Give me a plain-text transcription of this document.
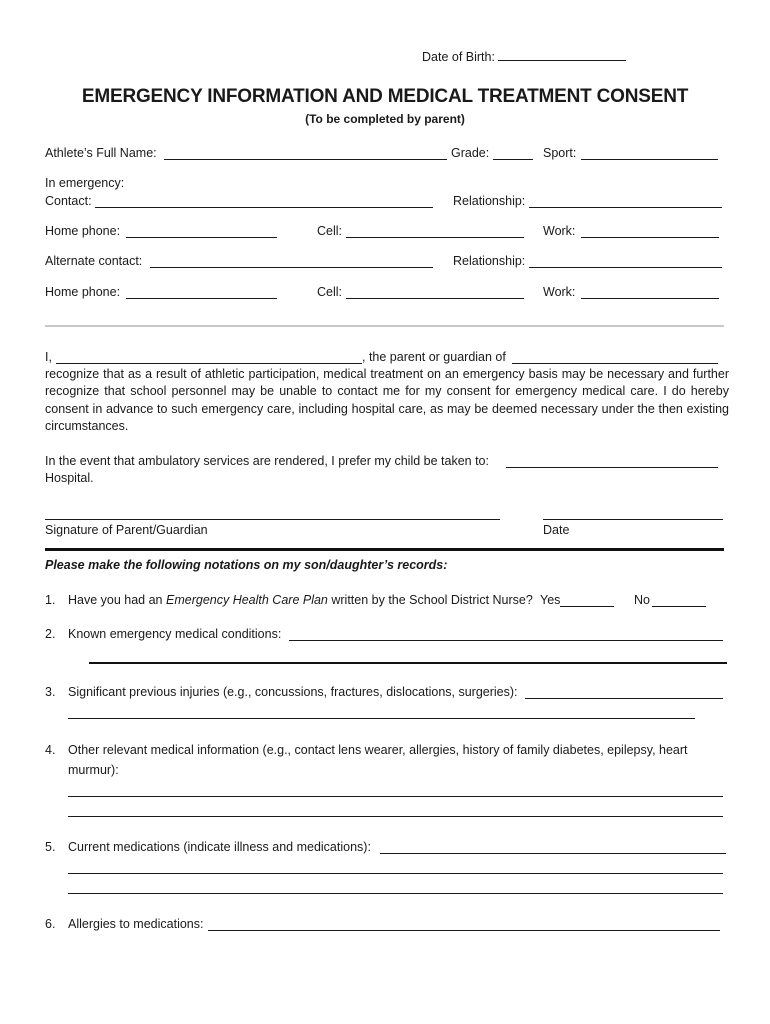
Date of Birth:
EMERGENCY INFORMATION AND MEDICAL TREATMENT CONSENT
(To be completed by parent)
Athlete’s Full Name:	Grade:	Sport:
In emergency:
Contact:	Relationship:
Home phone:	Cell:	Work:
Alternate contact:	Relationship:
Home phone:	Cell:	Work:
I,	, the parent or guardian of
recognize that as a result of athletic participation, medical treatment on an emergency basis may be necessary and further recognize that school personnel may be unable to contact me for my consent for emergency medical care. I do hereby consent in advance to such emergency care, including hospital care, as may be deemed necessary under the then existing circumstances.
In the event that ambulatory services are rendered, I prefer my child be taken to:
Hospital.
Signature of Parent/Guardian	Date
Please make the following notations on my son/daughter’s records:
1. Have you had an Emergency Health Care Plan written by the School District Nurse? Yes	No
2. Known emergency medical conditions:
3. Significant previous injuries (e.g., concussions, fractures, dislocations, surgeries):
4. Other relevant medical information (e.g., contact lens wearer, allergies, history of family diabetes, epilepsy, heart murmur):
5. Current medications (indicate illness and medications):
6. Allergies to medications:
